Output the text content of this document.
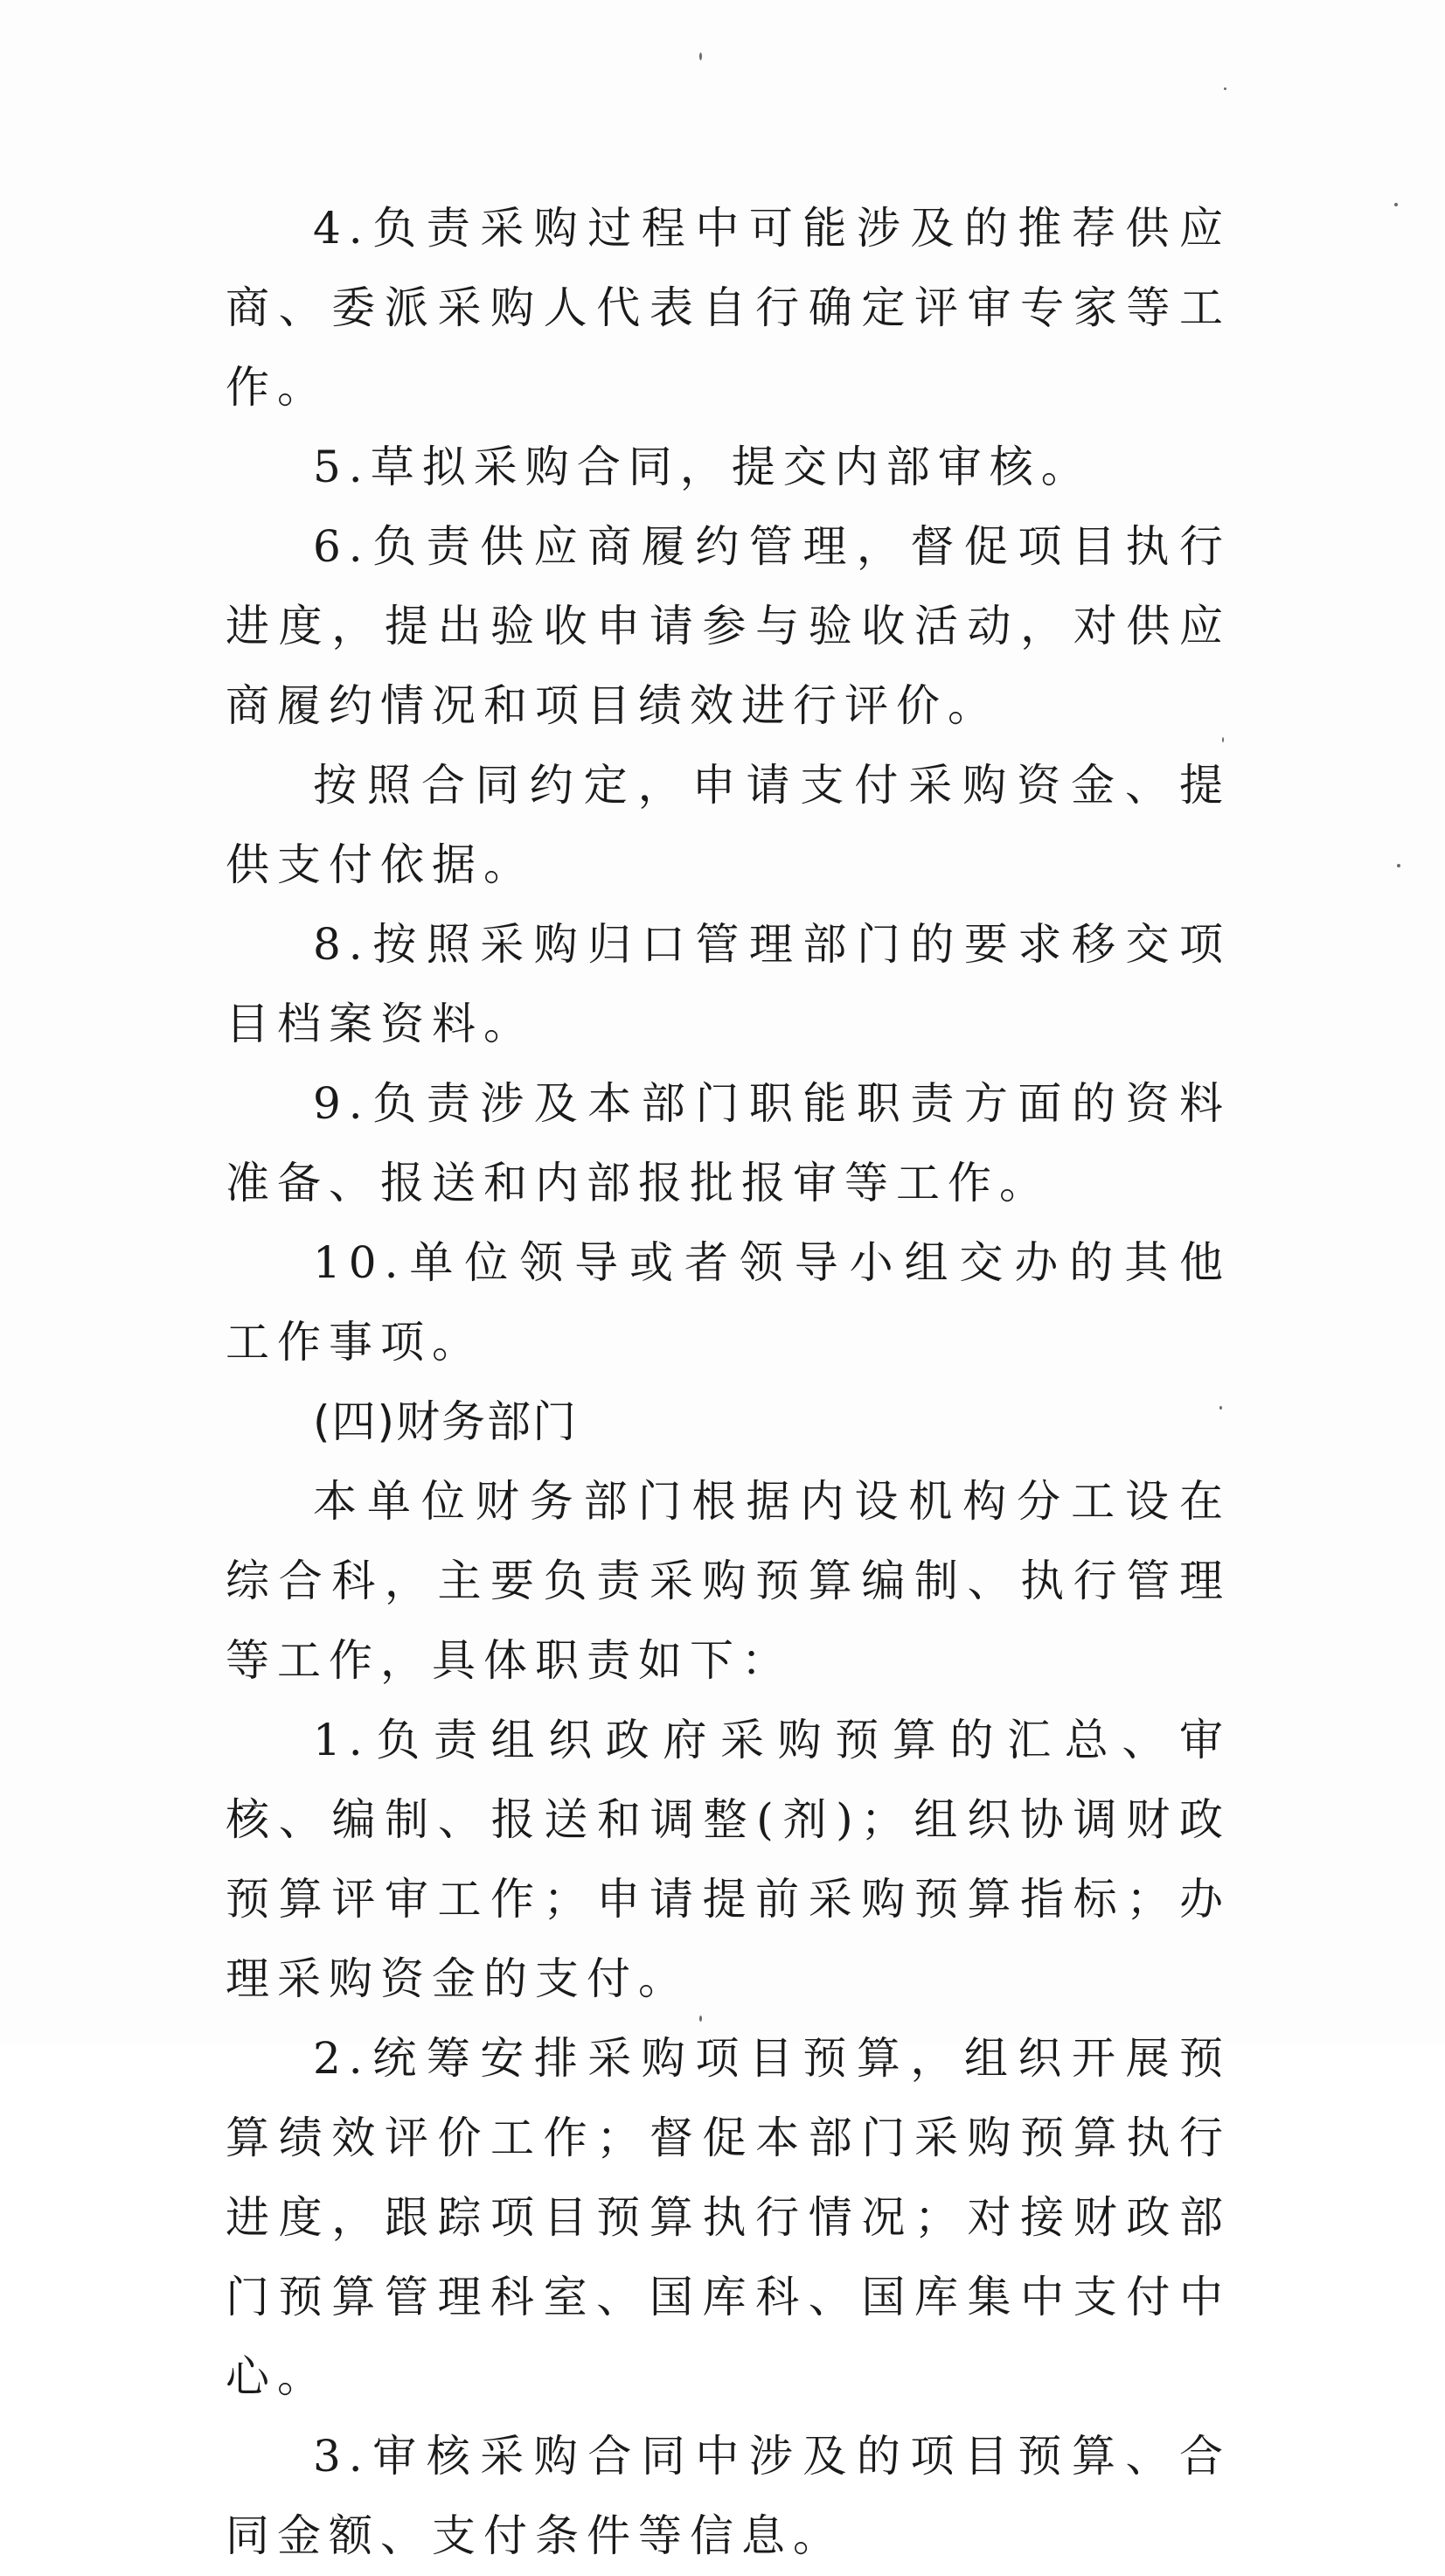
4.负责采购过程中可能涉及的推荐供应商、委派采购人代表自行确定评审专家等工作。

5.草拟采购合同，提交内部审核。

6.负责供应商履约管理，督促项目执行进度，提出验收申请参与验收活动，对供应商履约情况和项目绩效进行评价。

按照合同约定，申请支付采购资金、提供支付依据。

8.按照采购归口管理部门的要求移交项目档案资料。

9.负责涉及本部门职能职责方面的资料准备、报送和内部报批报审等工作。

10.单位领导或者领导小组交办的其他工作事项。

(四)财务部门

本单位财务部门根据内设机构分工设在综合科，主要负责采购预算编制、执行管理等工作，具体职责如下：

1.负责组织政府采购预算的汇总、审核、编制、报送和调整(剂)；组织协调财政预算评审工作；申请提前采购预算指标；办理采购资金的支付。

2.统筹安排采购项目预算，组织开展预算绩效评价工作；督促本部门采购预算执行进度，跟踪项目预算执行情况；对接财政部门预算管理科室、国库科、国库集中支付中心。

3.审核采购合同中涉及的项目预算、合同金额、支付条件等信息。
